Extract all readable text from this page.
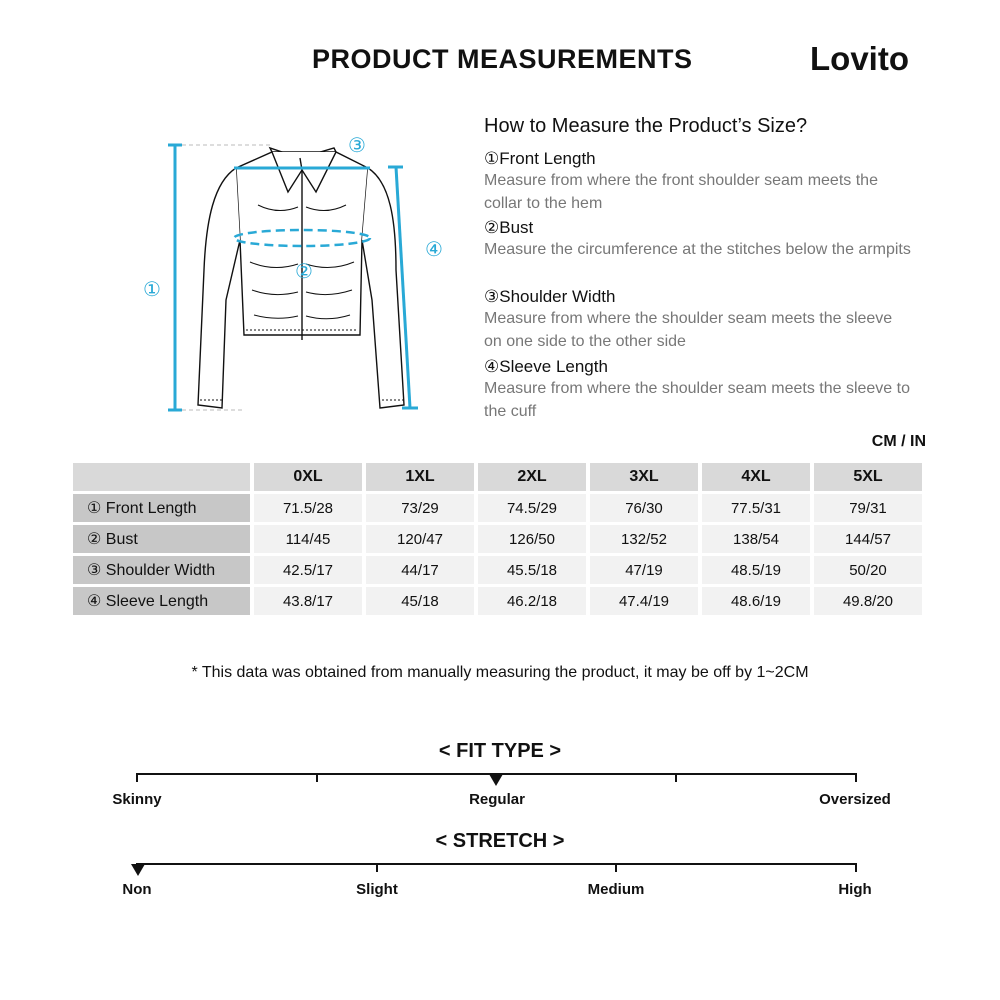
PRODUCT MEASUREMENTS	Lovito
①
②
③
④
How to Measure the Product’s Size?
①Front Length
Measure from where the front shoulder seam meets the collar to the hem
②Bust
Measure the circumference at the stitches below the armpits
③Shoulder Width
Measure from where the shoulder seam meets the sleeve on one side to the other side
④Sleeve Length
Measure from where the shoulder seam meets the sleeve to the cuff
CM / IN
	0XL	1XL	2XL	3XL	4XL	5XL
① Front Length	71.5/28	73/29	74.5/29	76/30	77.5/31	79/31
② Bust	114/45	120/47	126/50	132/52	138/54	144/57
③ Shoulder Width	42.5/17	44/17	45.5/18	47/19	48.5/19	50/20
④ Sleeve Length	43.8/17	45/18	46.2/18	47.4/19	48.6/19	49.8/20
* This data was obtained from manually measuring the product, it may be off by 1~2CM
< FIT TYPE >
Skinny	Regular	Oversized
< STRETCH >
Non	Slight	Medium	High
